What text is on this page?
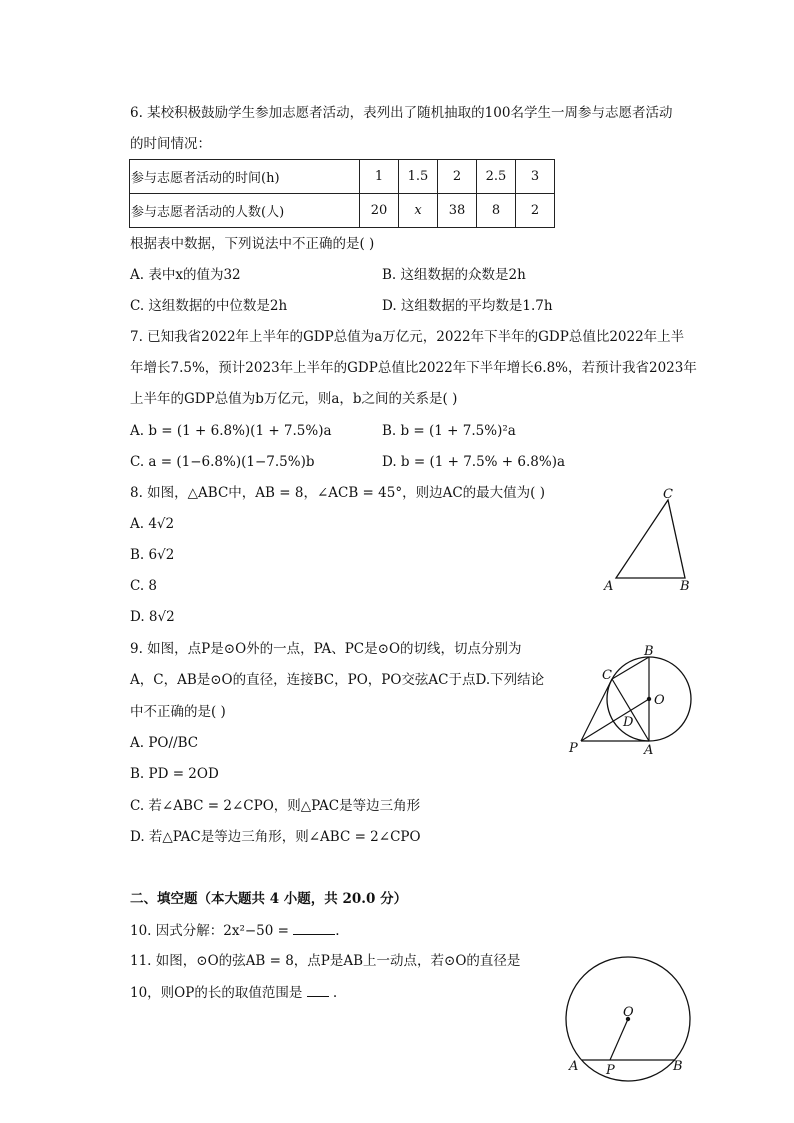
6. 某校积极鼓励学生参加志愿者活动，表列出了随机抽取的100名学生一周参与志愿者活动
的时间情况：
参与志愿者活动的时间(h)	1	1.5	2	2.5	3
参与志愿者活动的人数(人)	20	x	38	8	2
根据表中数据，下列说法中不正确的是( )
A. 表中x的值为32	B. 这组数据的众数是2h
C. 这组数据的中位数是2h	D. 这组数据的平均数是1.7h
7. 已知我省2022年上半年的GDP总值为a万亿元，2022年下半年的GDP总值比2022年上半
年增长7.5%，预计2023年上半年的GDP总值比2022年下半年增长6.8%，若预计我省2023年
上半年的GDP总值为b万亿元，则a，b之间的关系是( )
A. b = (1 + 6.8%)(1 + 7.5%)a	B. b = (1 + 7.5%)²a
C. a = (1−6.8%)(1−7.5%)b	D. b = (1 + 7.5% + 6.8%)a
8. 如图，△ABC中，AB = 8，∠ACB = 45°，则边AC的最大值为( )
A. 4√2
B. 6√2
C. 8
D. 8√2
C
A	B
9. 如图，点P是⊙O外的一点，PA、PC是⊙O的切线，切点分别为
A，C，AB是⊙O的直径，连接BC，PO，PO交弦AC于点D.下列结论
中不正确的是( )
A. PO//BC
B. PD = 2OD
C. 若∠ABC = 2∠CPO，则△PAC是等边三角形
D. 若△PAC是等边三角形，则∠ABC = 2∠CPO
B
C
O
D
P	A
二、填空题（本大题共 4 小题，共 20.0 分）
10. 因式分解：2x²−50 =	.
11. 如图，⊙O的弦AB = 8，点P是AB上一动点，若⊙O的直径是
10，则OP的长的取值范围是  .
O
A P	B
